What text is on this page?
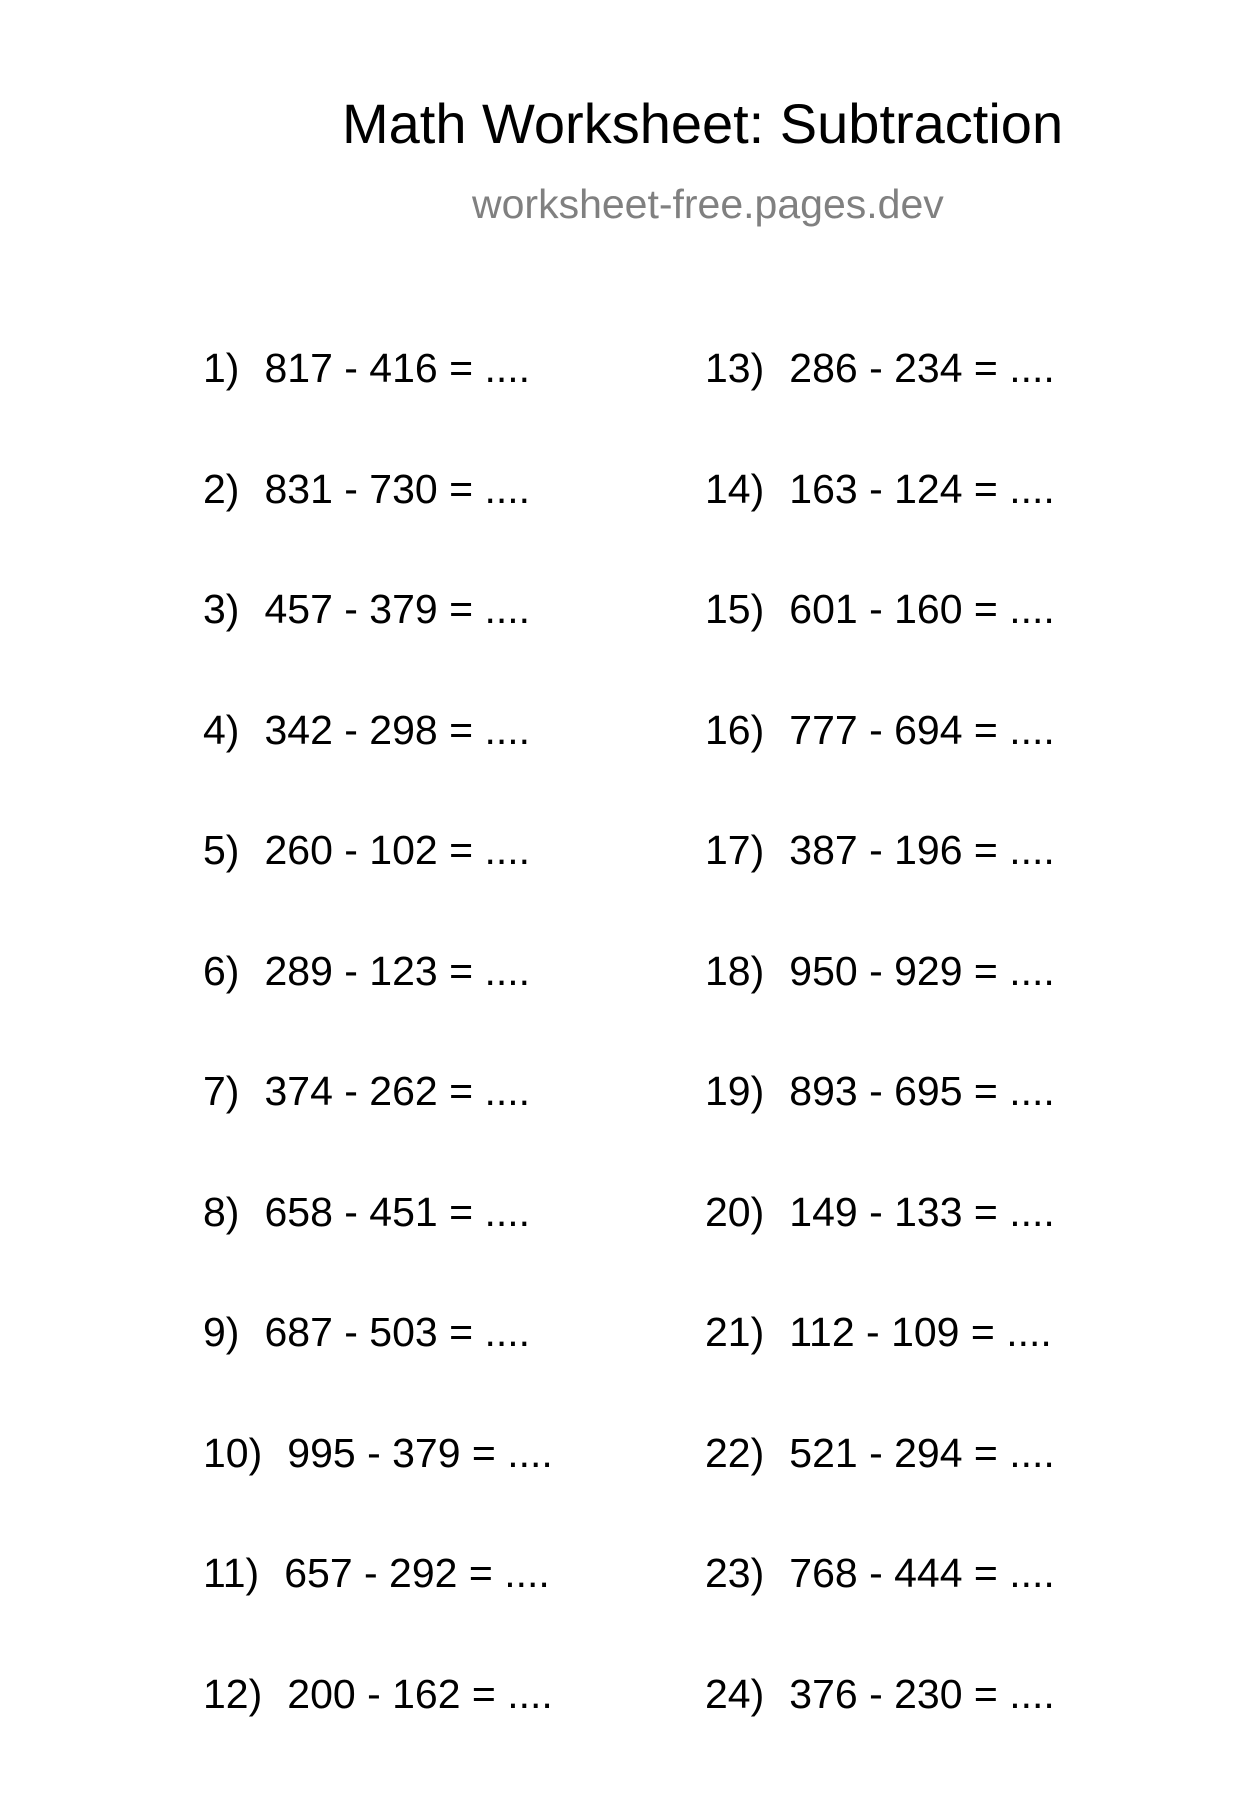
Math Worksheet: Subtraction
worksheet-free.pages.dev
1) 817 - 416 = ....
2) 831 - 730 = ....
3) 457 - 379 = ....
4) 342 - 298 = ....
5) 260 - 102 = ....
6) 289 - 123 = ....
7) 374 - 262 = ....
8) 658 - 451 = ....
9) 687 - 503 = ....
10) 995 - 379 = ....
11) 657 - 292 = ....
12) 200 - 162 = ....
13) 286 - 234 = ....
14) 163 - 124 = ....
15) 601 - 160 = ....
16) 777 - 694 = ....
17) 387 - 196 = ....
18) 950 - 929 = ....
19) 893 - 695 = ....
20) 149 - 133 = ....
21) 112 - 109 = ....
22) 521 - 294 = ....
23) 768 - 444 = ....
24) 376 - 230 = ....
